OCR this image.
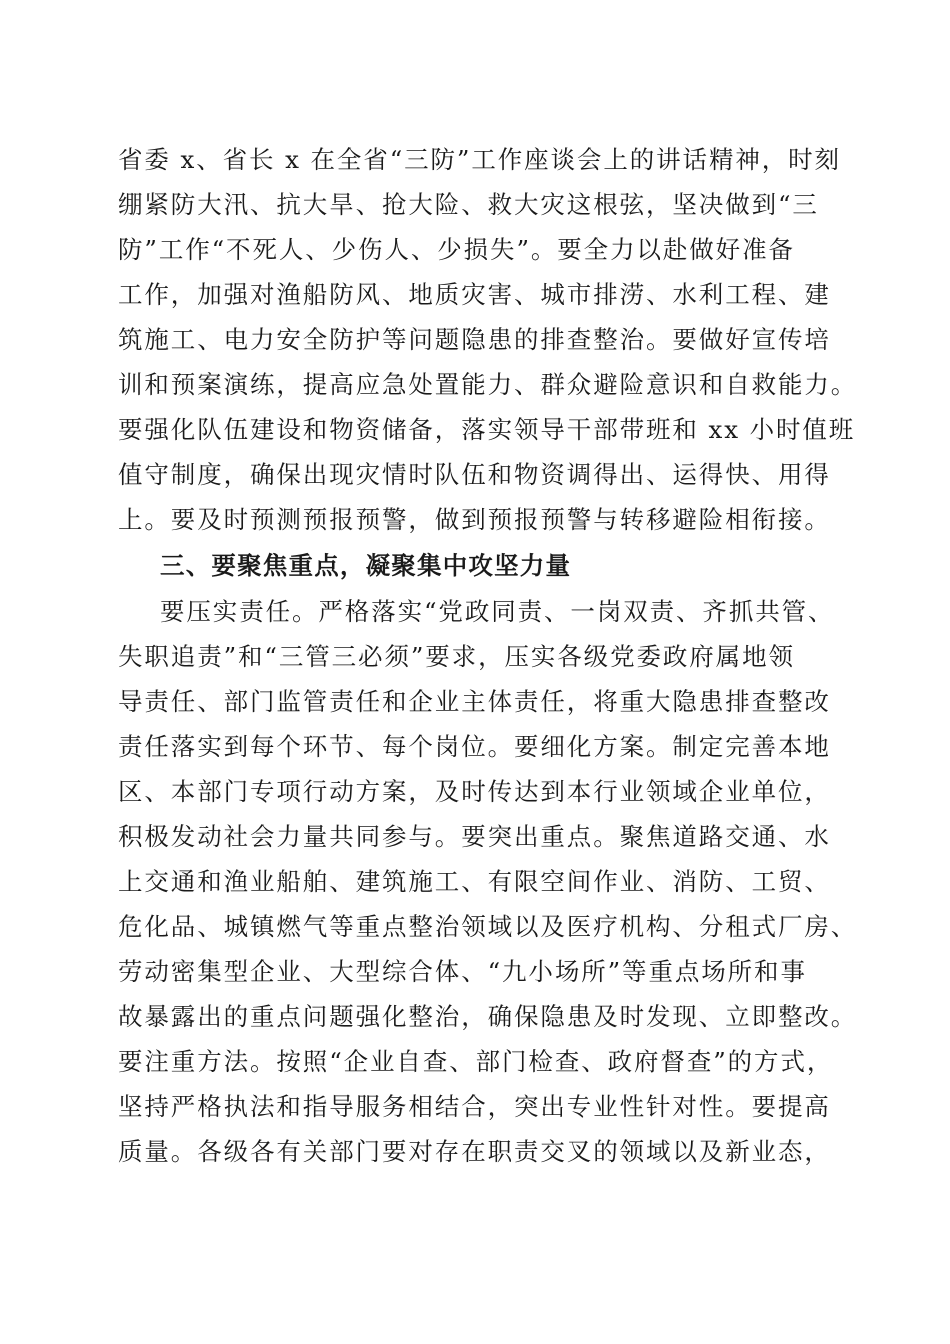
省委 x、省长 x 在全省“三防”工作座谈会上的讲话精神，时刻
绷紧防大汛、抗大旱、抢大险、救大灾这根弦，坚决做到“三
防”工作“不死人、少伤人、少损失”。要全力以赴做好准备
工作，加强对渔船防风、地质灾害、城市排涝、水利工程、建
筑施工、电力安全防护等问题隐患的排查整治。要做好宣传培
训和预案演练，提高应急处置能力、群众避险意识和自救能力。
要强化队伍建设和物资储备，落实领导干部带班和 xx 小时值班
值守制度，确保出现灾情时队伍和物资调得出、运得快、用得
上。要及时预测预报预警，做到预报预警与转移避险相衔接。
三、要聚焦重点，凝聚集中攻坚力量
要压实责任。严格落实“党政同责、一岗双责、齐抓共管、
失职追责”和“三管三必须”要求，压实各级党委政府属地领
导责任、部门监管责任和企业主体责任，将重大隐患排查整改
责任落实到每个环节、每个岗位。要细化方案。制定完善本地
区、本部门专项行动方案，及时传达到本行业领域企业单位，
积极发动社会力量共同参与。要突出重点。聚焦道路交通、水
上交通和渔业船舶、建筑施工、有限空间作业、消防、工贸、
危化品、城镇燃气等重点整治领域以及医疗机构、分租式厂房、
劳动密集型企业、大型综合体、“九小场所”等重点场所和事
故暴露出的重点问题强化整治，确保隐患及时发现、立即整改。
要注重方法。按照“企业自查、部门检查、政府督查”的方式，
坚持严格执法和指导服务相结合，突出专业性针对性。要提高
质量。各级各有关部门要对存在职责交叉的领域以及新业态，
